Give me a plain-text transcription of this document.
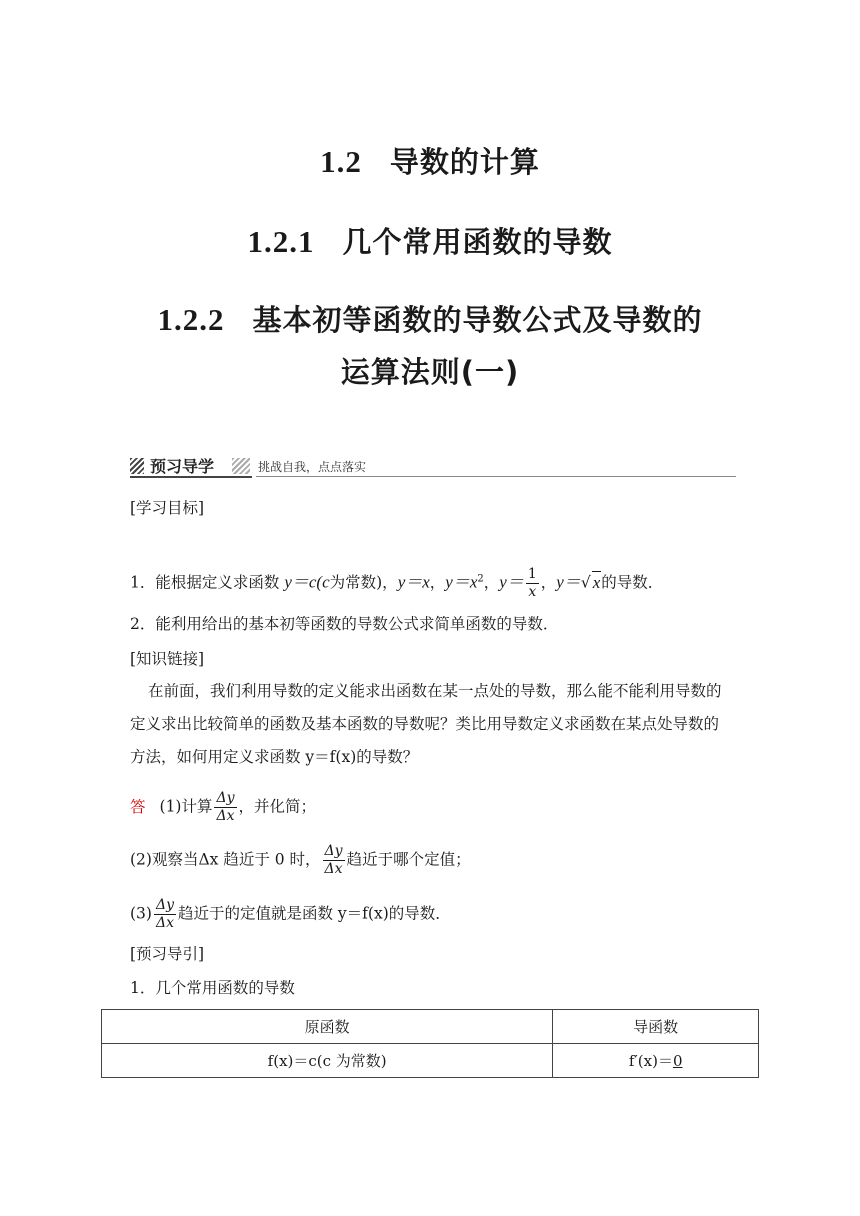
1.2 导数的计算
1.2.1 几个常用函数的导数
1.2.2 基本初等函数的导数公式及导数的
运算法则(一)
预习导学	挑战自我，点点落实
[学习目标]
1．能根据定义求函数 y＝c(c为常数)，y＝x，$y=x^2$，$y= \frac{1}{x}$ ，y＝√ x的导数．
2．能利用给出的基本初等函数的导数公式求简单函数的导数．
[知识链接]
在前面，我们利用导数的定义能求出函数在某一点处的导数，那么能不能利用导数的定义求出比较简单的函数及基本函数的导数呢？类比用导数定义求函数在某点处导数的方法，如何用定义求函数 y＝f(x)的导数？
答 (1)计算 $\frac{\Delta y}{\Delta x}$ ，并化简；
(2)观察当Δx 趋近于 0 时， $\frac{\Delta y}{\Delta x}$ 趋近于哪个定值；
$(3) \frac{\Delta y}{\Delta x}$ 趋近于的定值就是函数 y＝f(x)的导数．
[预习导引]
1．几个常用函数的导数
原函数	导函数
f(x)＝c(c 为常数)	f′(x)＝0
